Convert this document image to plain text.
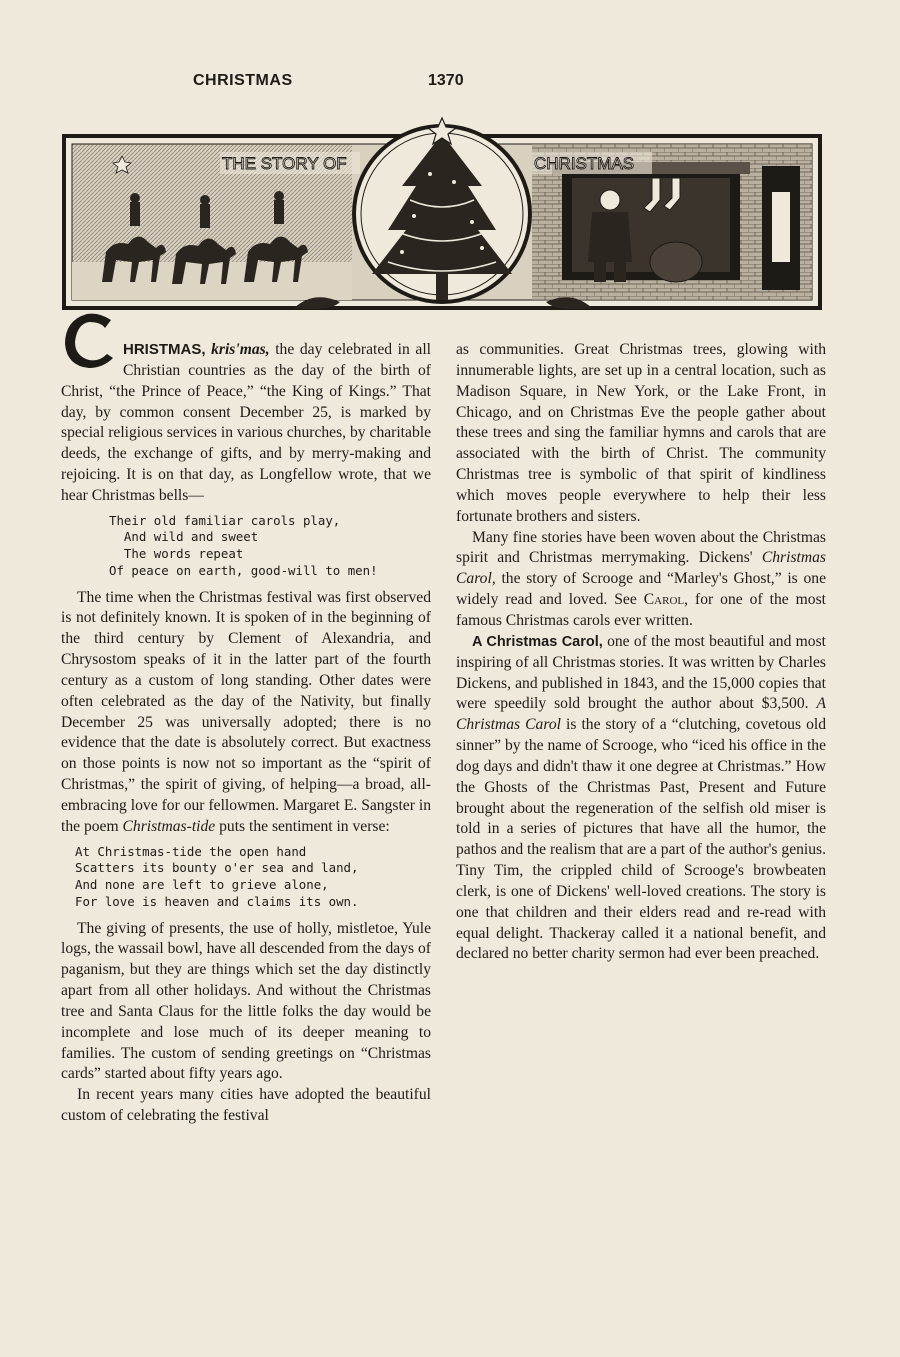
CHRISTMAS	1370
THE STORY OF	CHRISTMAS

HRISTMAS, kris'mas, the day celebrated in all Christian countries as the day of the birth of Christ, “the Prince of Peace,” “the King of Kings.” That day, by common consent December 25, is marked by special religious services in various churches, by charitable deeds, the exchange of gifts, and by merry-making and rejoicing. It is on that day, as Longfellow wrote, that we hear Christmas bells—

Their old familiar carols play,
And wild and sweet
The words repeat
Of peace on earth, good-will to men!

The time when the Christmas festival was first observed is not definitely known. It is spoken of in the beginning of the third century by Clement of Alexandria, and Chrysostom speaks of it in the latter part of the fourth century as a custom of long standing. Other dates were often celebrated as the day of the Nativity, but finally December 25 was universally adopted; there is no evidence that the date is absolutely correct. But exactness on those points is now not so important as the “spirit of Christmas,” the spirit of giving, of helping—a broad, all-embracing love for our fellowmen. Margaret E. Sangster in the poem Christmas-tide puts the sentiment in verse:

At Christmas-tide the open hand
Scatters its bounty o'er sea and land,
And none are left to grieve alone,
For love is heaven and claims its own.

The giving of presents, the use of holly, mistletoe, Yule logs, the wassail bowl, have all descended from the days of paganism, but they are things which set the day distinctly apart from all other holidays. And without the Christmas tree and Santa Claus for the little folks the day would be incomplete and lose much of its deeper meaning to families. The custom of sending greetings on “Christmas cards” started about fifty years ago.

In recent years many cities have adopted the beautiful custom of celebrating the festival

as communities. Great Christmas trees, glowing with innumerable lights, are set up in a central location, such as Madison Square, in New York, or the Lake Front, in Chicago, and on Christmas Eve the people gather about these trees and sing the familiar hymns and carols that are associated with the birth of Christ. The community Christmas tree is symbolic of that spirit of kindliness which moves people everywhere to help their less fortunate brothers and sisters.

Many fine stories have been woven about the Christmas spirit and Christmas merrymaking. Dickens' Christmas Carol, the story of Scrooge and “Marley's Ghost,” is one widely read and loved. See Carol, for one of the most famous Christmas carols ever written.

A Christmas Carol, one of the most beautiful and most inspiring of all Christmas stories. It was written by Charles Dickens, and published in 1843, and the 15,000 copies that were speedily sold brought the author about $3,500. A Christmas Carol is the story of a “clutching, covetous old sinner” by the name of Scrooge, who “iced his office in the dog days and didn't thaw it one degree at Christmas.” How the Ghosts of the Christmas Past, Present and Future brought about the regeneration of the selfish old miser is told in a series of pictures that have all the humor, the pathos and the realism that are a part of the author's genius. Tiny Tim, the crippled child of Scrooge's browbeaten clerk, is one of Dickens' well-loved creations. The story is one that children and their elders read and re-read with equal delight. Thackeray called it a national benefit, and declared no better charity sermon had ever been preached.
